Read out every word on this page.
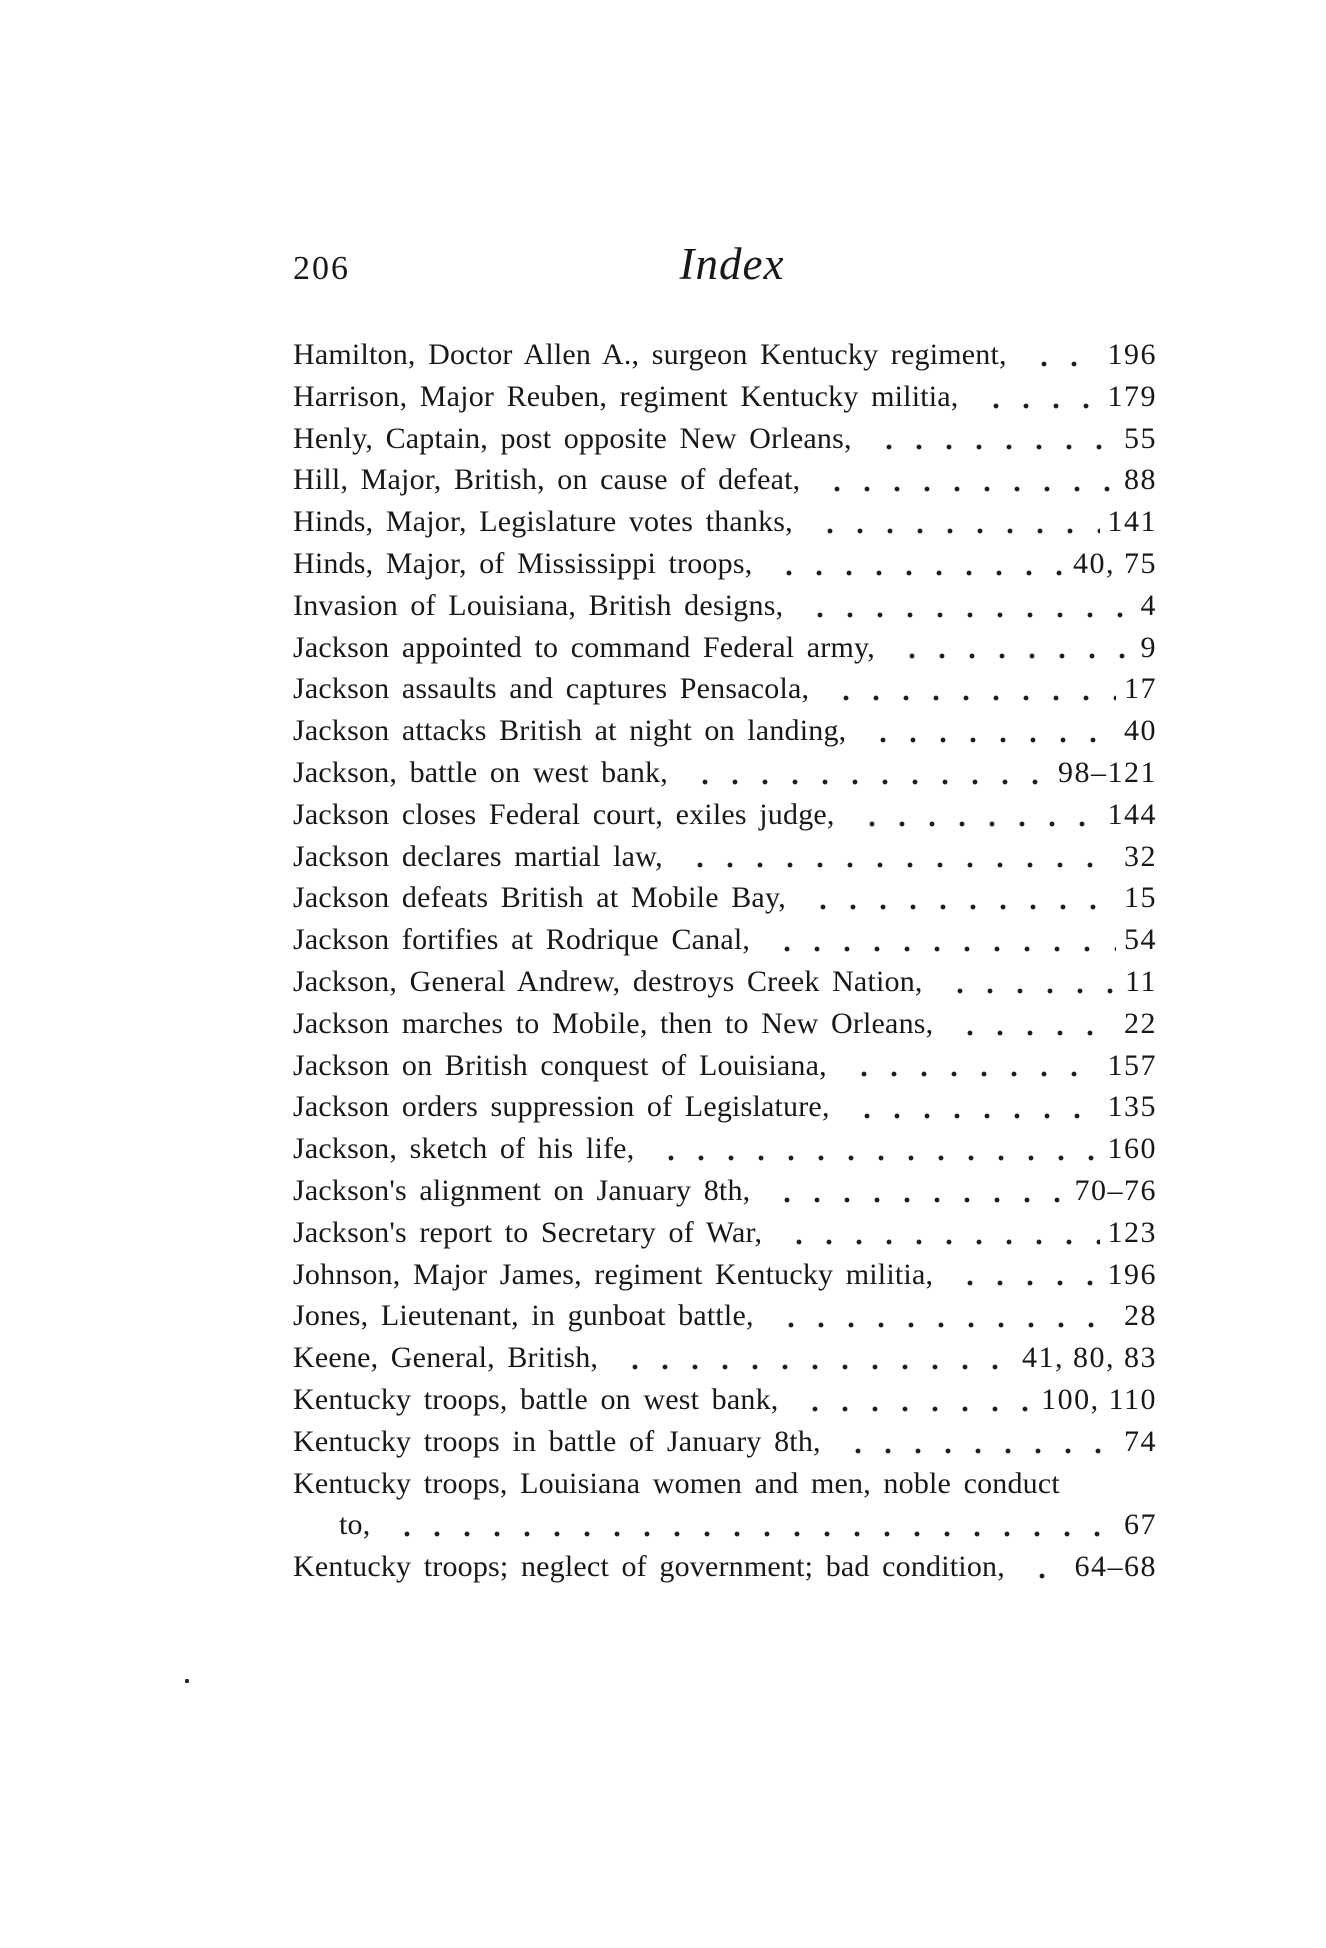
206	Index
Hamilton, Doctor Allen A., surgeon Kentucky regiment,	196
Harrison, Major Reuben, regiment Kentucky militia,	179
Henly, Captain, post opposite New Orleans,	55
Hill, Major, British, on cause of defeat,	88
Hinds, Major, Legislature votes thanks,	141
Hinds, Major, of Mississippi troops,	40, 75
Invasion of Louisiana, British designs,	4
Jackson appointed to command Federal army,	9
Jackson assaults and captures Pensacola,	17
Jackson attacks British at night on landing,	40
Jackson, battle on west bank,	98–121
Jackson closes Federal court, exiles judge,	144
Jackson declares martial law,	32
Jackson defeats British at Mobile Bay,	15
Jackson fortifies at Rodrique Canal,	54
Jackson, General Andrew, destroys Creek Nation,	11
Jackson marches to Mobile, then to New Orleans,	22
Jackson on British conquest of Louisiana,	157
Jackson orders suppression of Legislature,	135
Jackson, sketch of his life,	160
Jackson's alignment on January 8th,	70–76
Jackson's report to Secretary of War,	123
Johnson, Major James, regiment Kentucky militia,	196
Jones, Lieutenant, in gunboat battle,	28
Keene, General, British,	41, 80, 83
Kentucky troops, battle on west bank,	100, 110
Kentucky troops in battle of January 8th,	74
Kentucky troops, Louisiana women and men, noble conduct
to,	67
Kentucky troops; neglect of government; bad condition, 64–68
